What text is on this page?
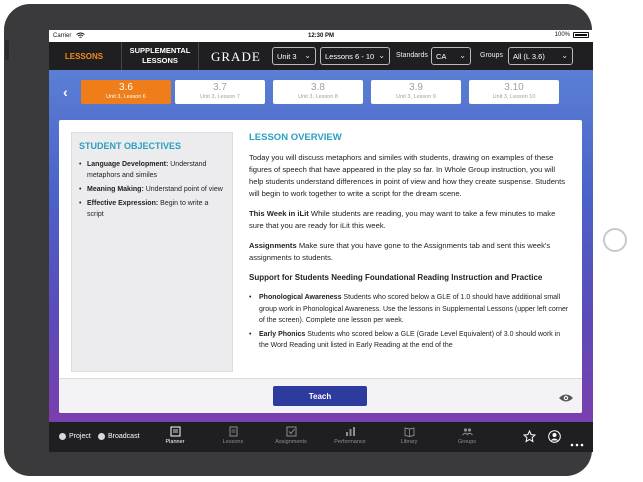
Carrier	12:30 PM	100%
LESSONS
SUPPLEMENTAL
LESSONS	GRADE Unit 3 ⌄ Lessons 6 - 10 ⌄ Standards CA ⌄ Groups All (L 3.6) ⌄
‹	3.6
Unit 3, Lesson 6
3.7
Unit 3, Lesson 7
3.8
Unit 3, Lesson 8
3.9
Unit 3, Lesson 9
3.10
Unit 3, Lesson 10
STUDENT OBJECTIVES
• Language Development: Understand metaphors and similes
• Meaning Making: Understand point of view
• Effective Expression: Begin to write a script
LESSON OVERVIEW

Today you will discuss metaphors and similes with students, drawing on examples of these figures of speech that have appeared in the play so far. In Whole Group instruction, you will help students understand differences in point of view and how they create suspense. Students will begin to work together to write a script for the dream scene.

This Week in iLit While students are reading, you may want to take a few minutes to make sure that you are ready for iLit this week.

Assignments Make sure that you have gone to the Assignments tab and sent this week's assignments to students.

Support for Students Needing Foundational Reading Instruction and Practice
• Phonological Awareness Students who scored below a GLE of 1.0 should have additional small group work in Phonological Awareness. Use the lessons in Supplemental Lessons (upper left corner of the screen). Complete one lesson per week.
• Early Phonics Students who scored below a GLE (Grade Level Equivalent) of 3.0 should work in the Word Reading unit listed in Early Reading at the end of the
Teach
Project Broadcast
Planner	Lessons	Assignments	Performance	Library	Groups
